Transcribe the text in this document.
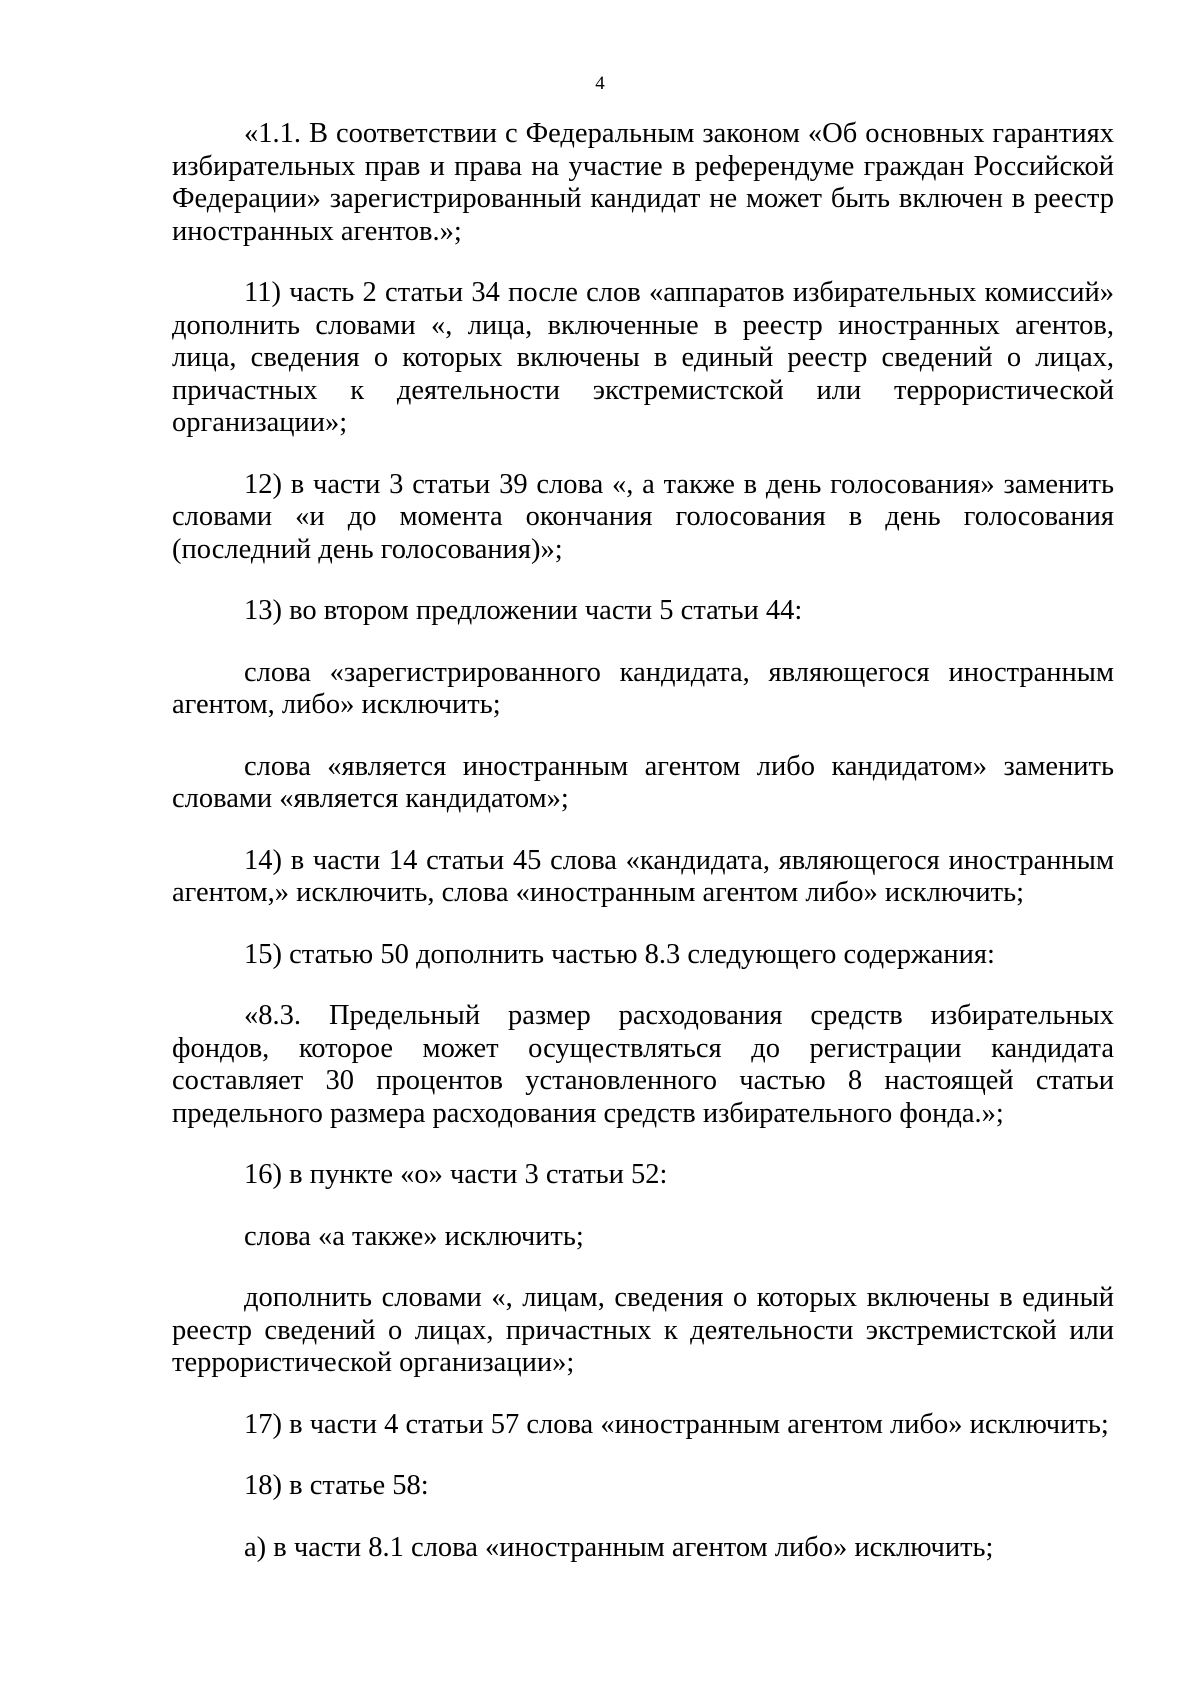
4

«1.1. В соответствии с Федеральным законом «Об основных гарантиях избирательных прав и права на участие в референдуме граждан Российской Федерации» зарегистрированный кандидат не может быть включен в реестр иностранных агентов.»;

11) часть 2 статьи 34 после слов «аппаратов избирательных комиссий» дополнить словами «, лица, включенные в реестр иностранных агентов, лица, сведения о которых включены в единый реестр сведений о лицах, причастных к деятельности экстремистской или террористической организации»;

12) в части 3 статьи 39 слова «, а также в день голосования» заменить словами «и до момента окончания голосования в день голосования (последний день голосования)»;

13) во втором предложении части 5 статьи 44:

слова «зарегистрированного кандидата, являющегося иностранным агентом, либо» исключить;

слова «является иностранным агентом либо кандидатом» заменить словами «является кандидатом»;

14) в части 14 статьи 45 слова «кандидата, являющегося иностранным агентом,» исключить, слова «иностранным агентом либо» исключить;

15) статью 50 дополнить частью 8.3 следующего содержания:

«8.3. Предельный размер расходования средств избирательных фондов, которое может осуществляться до регистрации кандидата составляет 30 процентов установленного частью 8 настоящей статьи предельного размера расходования средств избирательного фонда.»;

16) в пункте «о» части 3 статьи 52:

слова «а также» исключить;

дополнить словами «, лицам, сведения о которых включены в единый реестр сведений о лицах, причастных к деятельности экстремистской или террористической организации»;

17) в части 4 статьи 57 слова «иностранным агентом либо» исключить;

18) в статье 58:

а) в части 8.1 слова «иностранным агентом либо» исключить;
